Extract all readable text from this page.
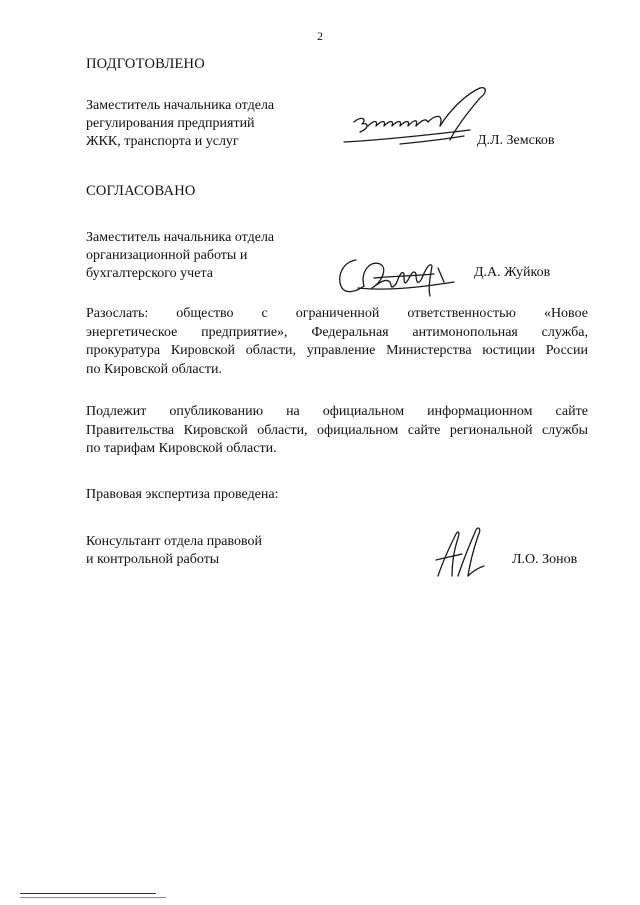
2
ПОДГОТОВЛЕНО
Заместитель начальника отдела
регулирования предприятий
ЖКК, транспорта и услуг	Д.Л. Земсков
СОГЛАСОВАНО
Заместитель начальника отдела
организационной работы и
бухгалтерского учета	Д.А. Жуйков
Разослать: общество с ограниченной ответственностью «Новое
энергетическое предприятие», Федеральная антимонопольная служба,
прокуратура Кировской области, управление Министерства юстиции России
по Кировской области.
Подлежит опубликованию на официальном информационном сайте
Правительства Кировской области, официальном сайте региональной службы
по тарифам Кировской области.
Правовая экспертиза проведена:
Консультант отдела правовой
и контрольной работы	Л.О. Зонов
